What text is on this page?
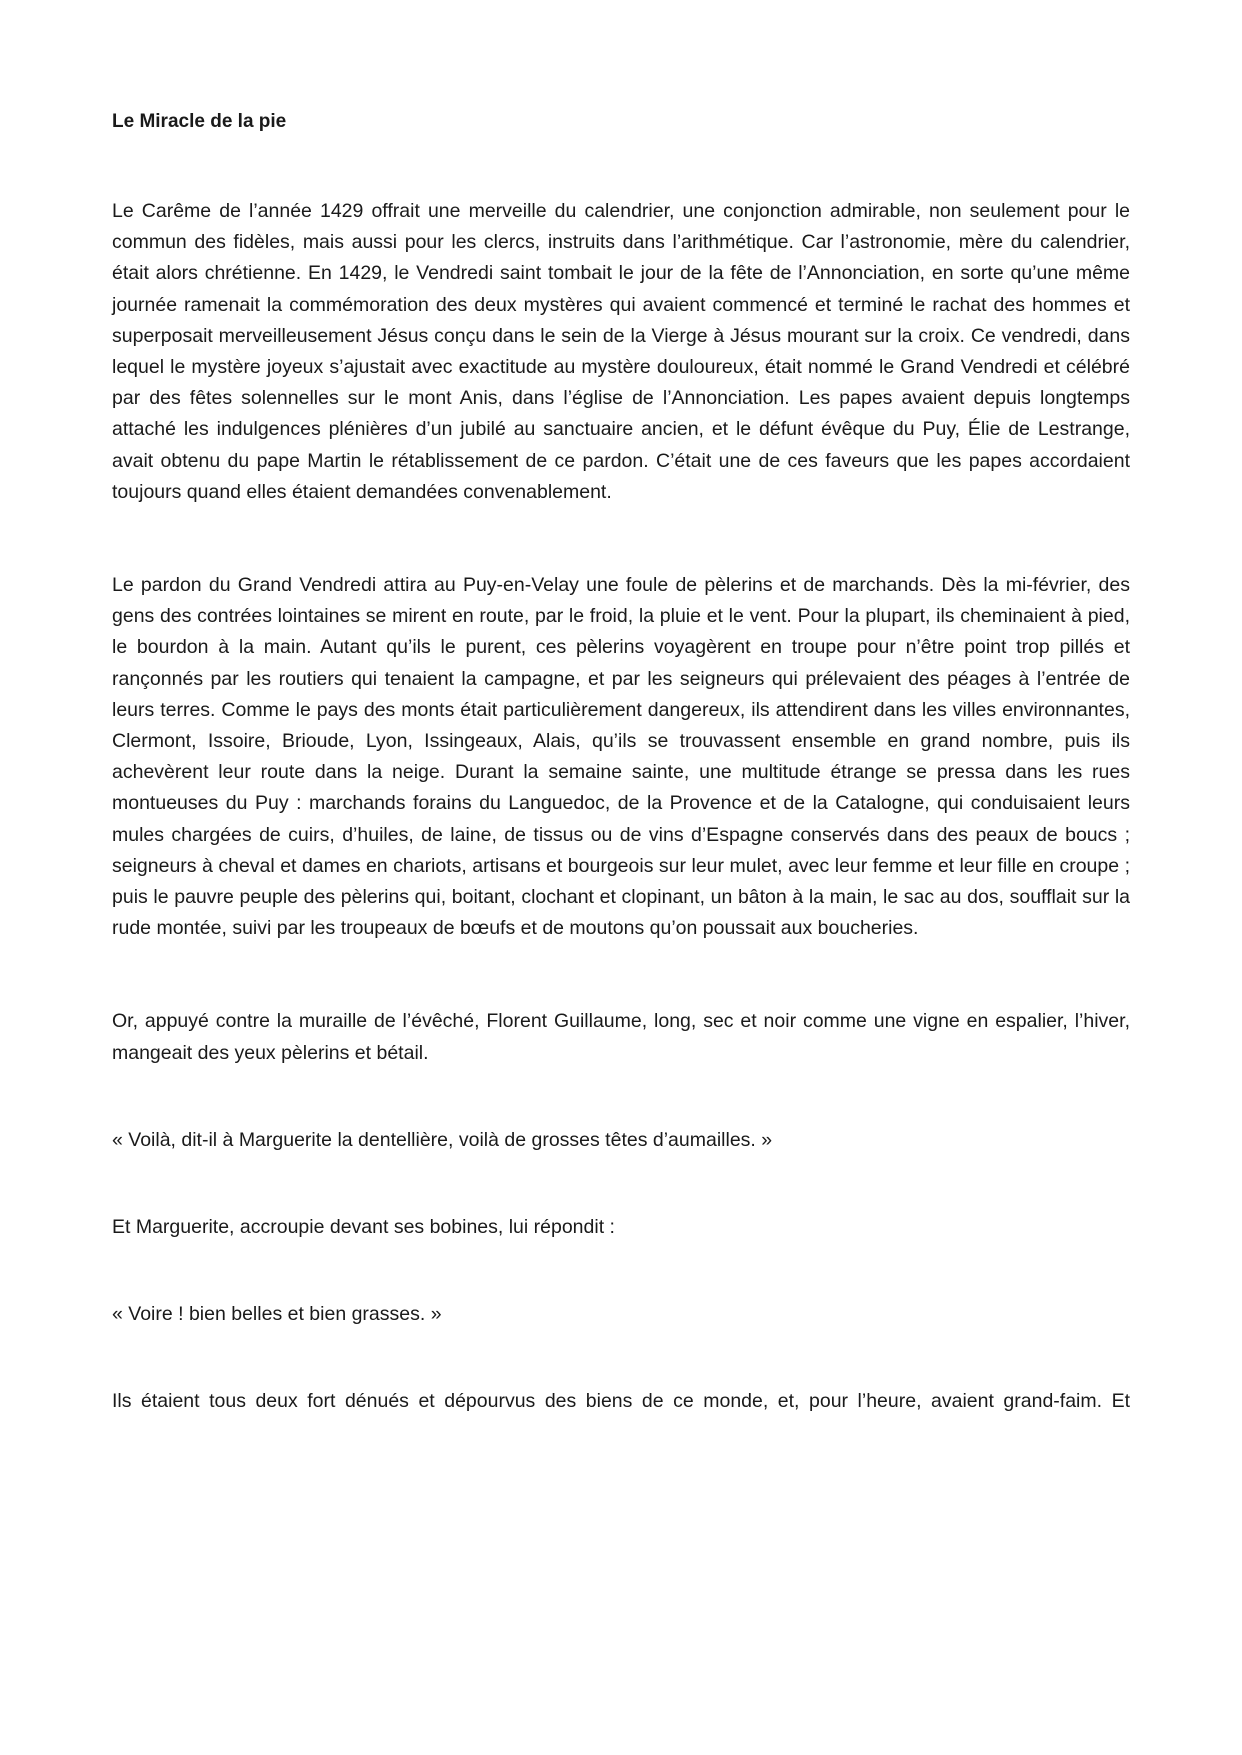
Le Miracle de la pie

Le Carême de l’année 1429 offrait une merveille du calendrier, une conjonction admirable, non seulement pour le commun des fidèles, mais aussi pour les clercs, instruits dans l’arithmétique. Car l’astronomie, mère du calendrier, était alors chrétienne. En 1429, le Vendredi saint tombait le jour de la fête de l’Annonciation, en sorte qu’une même journée ramenait la commémoration des deux mystères qui avaient commencé et terminé le rachat des hommes et superposait merveilleusement Jésus conçu dans le sein de la Vierge à Jésus mourant sur la croix. Ce vendredi, dans lequel le mystère joyeux s’ajustait avec exactitude au mystère douloureux, était nommé le Grand Vendredi et célébré par des fêtes solennelles sur le mont Anis, dans l’église de l’Annonciation. Les papes avaient depuis longtemps attaché les indulgences plénières d’un jubilé au sanctuaire ancien, et le défunt évêque du Puy, Élie de Lestrange, avait obtenu du pape Martin le rétablissement de ce pardon. C’était une de ces faveurs que les papes accordaient toujours quand elles étaient demandées convenablement.

Le pardon du Grand Vendredi attira au Puy-en-Velay une foule de pèlerins et de marchands. Dès la mi-février, des gens des contrées lointaines se mirent en route, par le froid, la pluie et le vent. Pour la plupart, ils cheminaient à pied, le bourdon à la main. Autant qu’ils le purent, ces pèlerins voyagèrent en troupe pour n’être point trop pillés et rançonnés par les routiers qui tenaient la campagne, et par les seigneurs qui prélevaient des péages à l’entrée de leurs terres. Comme le pays des monts était particulièrement dangereux, ils attendirent dans les villes environnantes, Clermont, Issoire, Brioude, Lyon, Issingeaux, Alais, qu’ils se trouvassent ensemble en grand nombre, puis ils achevèrent leur route dans la neige. Durant la semaine sainte, une multitude étrange se pressa dans les rues montueuses du Puy : marchands forains du Languedoc, de la Provence et de la Catalogne, qui conduisaient leurs mules chargées de cuirs, d’huiles, de laine, de tissus ou de vins d’Espagne conservés dans des peaux de boucs ; seigneurs à cheval et dames en chariots, artisans et bourgeois sur leur mulet, avec leur femme et leur fille en croupe ; puis le pauvre peuple des pèlerins qui, boitant, clochant et clopinant, un bâton à la main, le sac au dos, soufflait sur la rude montée, suivi par les troupeaux de bœufs et de moutons qu’on poussait aux boucheries.

Or, appuyé contre la muraille de l’évêché, Florent Guillaume, long, sec et noir comme une vigne en espalier, l’hiver, mangeait des yeux pèlerins et bétail.

« Voilà, dit-il à Marguerite la dentellière, voilà de grosses têtes d’aumailles. »

Et Marguerite, accroupie devant ses bobines, lui répondit :

« Voire ! bien belles et bien grasses. »

Ils étaient tous deux fort dénués et dépourvus des biens de ce monde, et, pour l’heure, avaient grand-faim. Et
